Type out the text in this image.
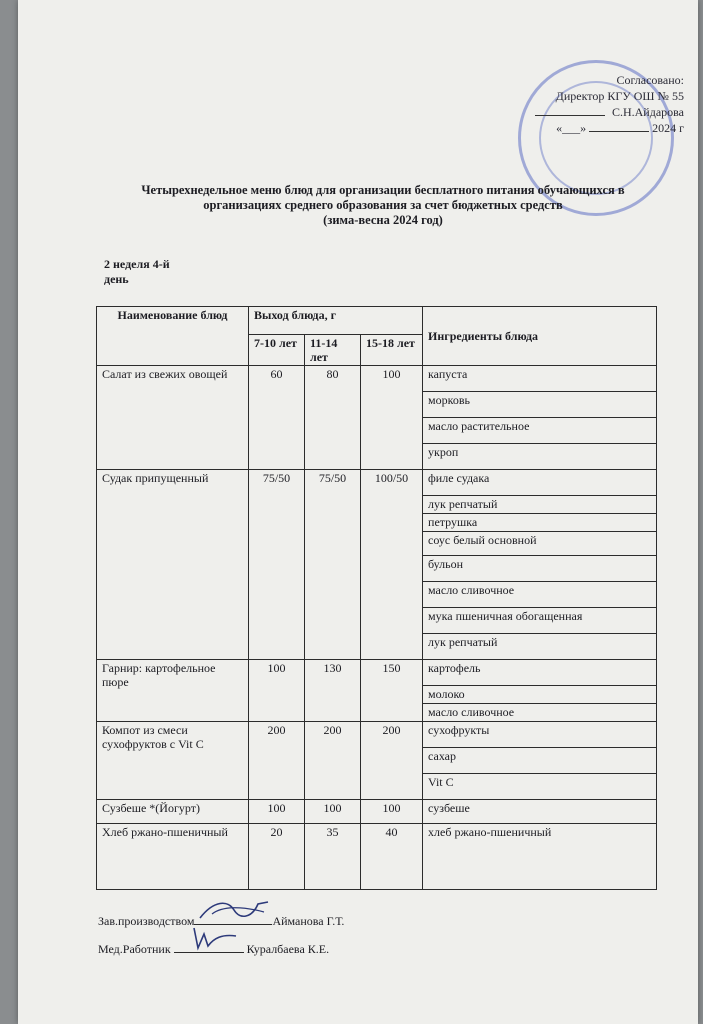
Согласовано:
Директор КГУ ОШ № 55
С.Н.Айдарова
«___»	2024 г
Четырехнедельное меню блюд для организации бесплатного питания обучающихся в
организациях среднего образования за счет бюджетных средств
(зима-весна 2024 год)
2 неделя 4-й день
Наименование блюд	Выход блюда, г			Ингредиенты блюда
	7-10 лет	11-14 лет	15-18 лет	
Салат из свежих овощей	60	80	100	капуста
				морковь
				масло растительное
				укроп
Судак припущенный	75/50	75/50	100/50	филе судака
				лук репчатый
				петрушка
				соус белый основной
				бульон
				масло сливочное
				мука пшеничная обогащенная
				лук репчатый
Гарнир: картофельное пюре	100	130	150	картофель
				молоко
				масло сливочное
Компот из смеси сухофруктов с Vit C	200	200	200	сухофрукты
				сахар
				Vit C
Сузбеше *(Йогурт)	100	100	100	сузбеше
Хлеб ржано-пшеничный	20	35	40	хлеб ржано-пшеничный
Зав.производством	Айманова Г.Т.
Мед.Работник	Куралбаева К.Е.
